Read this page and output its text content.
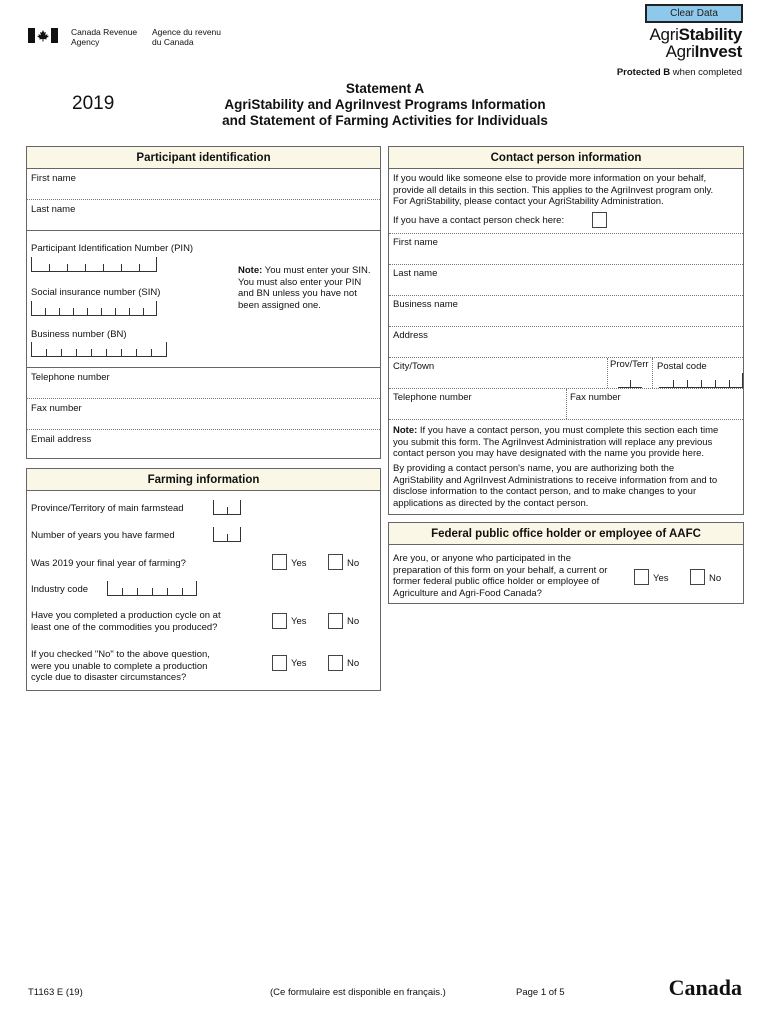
Clear Data
Canada Revenue
Agency
Agence du revenu
du Canada	AgriStability
AgriInvest
Protected B when completed
2019
Statement A
AgriStability and AgriInvest Programs Information
and Statement of Farming Activities for Individuals
Participant identification
First name
Last name
Participant Identification Number (PIN)
Social insurance number (SIN)
Note: You must enter your SIN.
You must also enter your PIN
and BN unless you have not
been assigned one.
Business number (BN)
Telephone number
Fax number
Email address
Farming information
Province/Territory of main farmstead
Number of years you have farmed
Was 2019 your final year of farming?	Yes	No
Industry code
Have you completed a production cycle on at
least one of the commodities you produced?	Yes	No
If you checked "No" to the above question,
were you unable to complete a production
cycle due to disaster circumstances?
Yes	No
Contact person information
If you would like someone else to provide more information on your behalf,
provide all details in this section. This applies to the AgriInvest program only.
For AgriStability, please contact your AgriStability Administration.
If you have a contact person check here:
First name
Last name
Business name
Address
City/Town	Prov/Terr Postal code
Telephone number	Fax number
Note: If you have a contact person, you must complete this section each time
you submit this form. The AgriInvest Administration will replace any previous
contact person you may have designated with the name you provide here.
By providing a contact person's name, you are authorizing both the
AgriStability and AgriInvest Administrations to receive information from and to
disclose information to the contact person, and to make changes to your
applications as directed by the contact person.
Federal public office holder or employee of AAFC
Are you, or anyone who participated in the
preparation of this form on your behalf, a current or
former federal public office holder or employee of
Agriculture and Agri-Food Canada?
Yes	No
T1163 E (19)	(Ce formulaire est disponible en français.)	Page 1 of 5	Canada
